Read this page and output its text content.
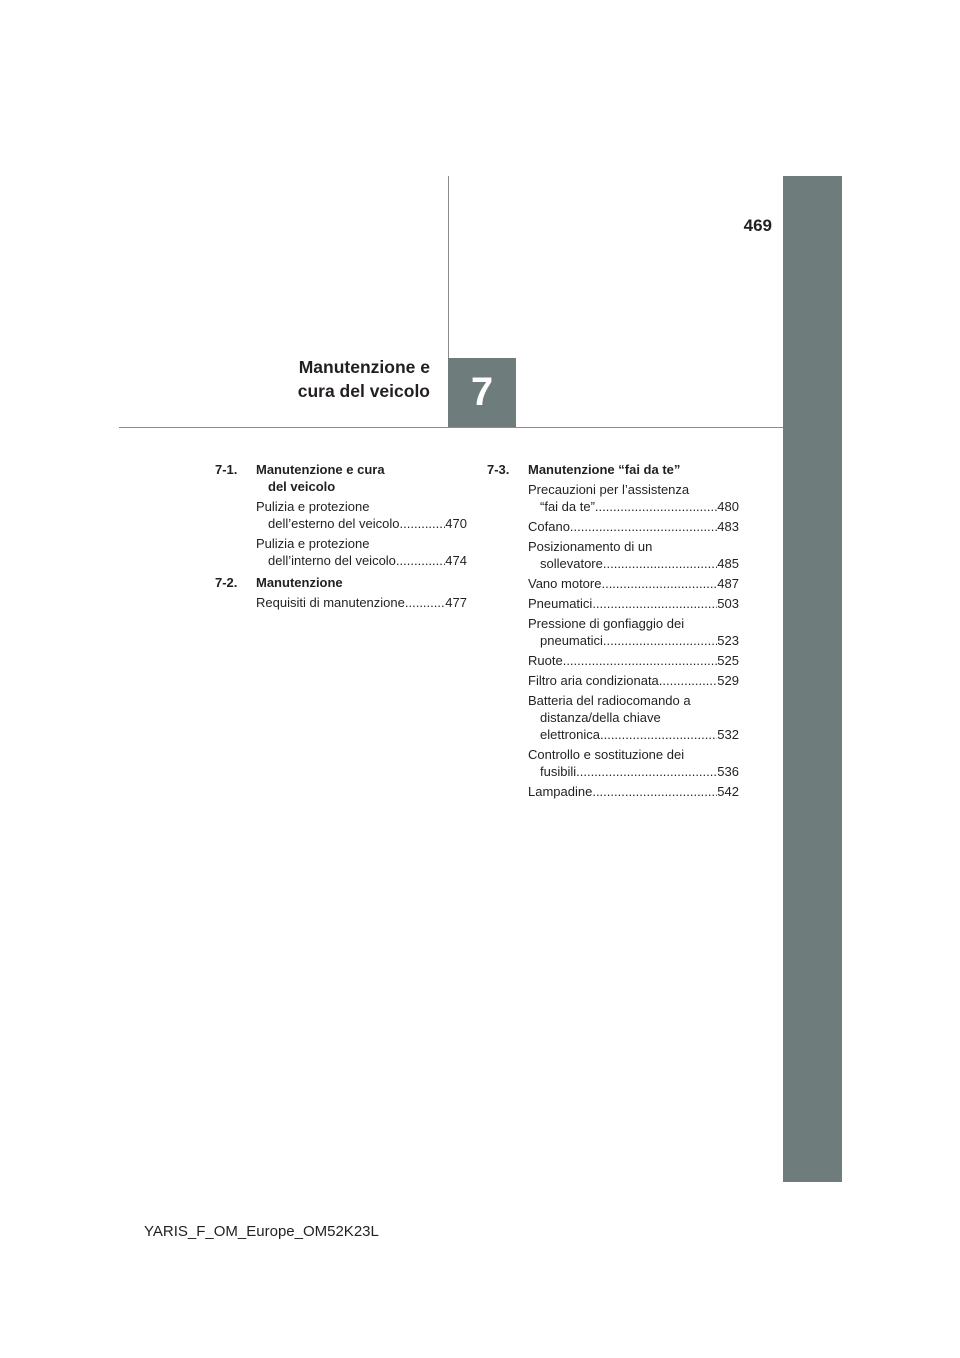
469
Manutenzione e
cura del veicolo	7
7-1.	Manutenzione e cura
del veicolo
Pulizia e protezione
dell’esterno del veicolo .....	470
Pulizia e protezione
dell’interno del veicolo .....	474
7-2.	Manutenzione
Requisiti di manutenzione .....	477
7-3.	Manutenzione “fai da te”
Precauzioni per l’assistenza
“fai da te” .....	480
Cofano .....	483
Posizionamento di un
sollevatore .....	485
Vano motore .....	487
Pneumatici .....	503
Pressione di gonfiaggio dei
pneumatici .....	523
Ruote .....	525
Filtro aria condizionata .....	529
Batteria del radiocomando a
distanza/della chiave
elettronica .....	532
Controllo e sostituzione dei
fusibili .....	536
Lampadine .....	542
YARIS_F_OM_Europe_OM52K23L
